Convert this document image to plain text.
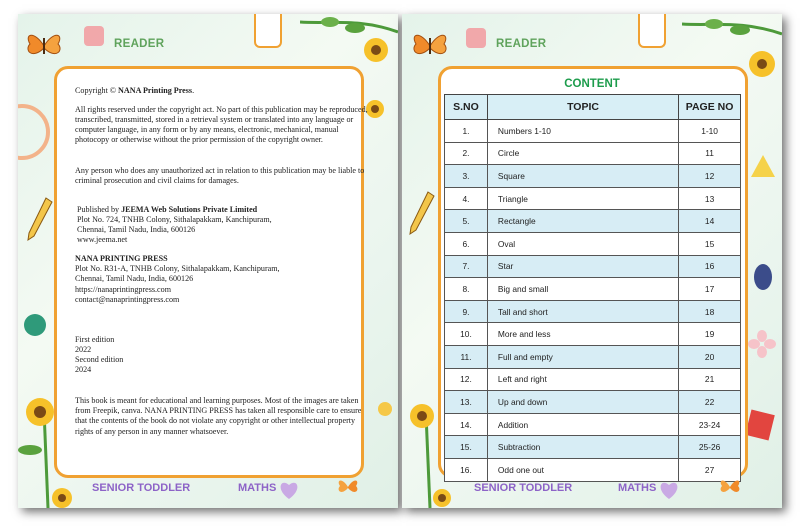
READER

Copyright © NANA Printing Press.

All rights reserved under the copyright act. No part of this publication may be reproduced, transcribed, transmitted, stored in a retrieval system or translated into any language or computer language, in any form or by any means, electronic, mechanical, manual photocopy or otherwise without the prior permission of the copyright owner.

Any person who does any unauthorized act in relation to this publication may be liable to criminal prosecution and civil claims for damages.

Published by JEEMA Web Solutions Private Limited

Plot No. 724, TNHB Colony, Sithalapakkam, Kanchipuram,

Chennai, Tamil Nadu, India, 600126

www.jeema.net

NANA PRINTING PRESS

Plot No. R31-A, TNHB Colony, Sithalapakkam, Kanchipuram,

Chennai, Tamil Nadu, India, 600126

https://nanaprintingpress.com

contact@nanaprintingpress.com

First edition

2022

Second edition

2024

This book is meant for educational and learning purposes. Most of the images are taken from Freepik, canva. NANA PRINTING PRESS has taken all responsible care to ensure that the contents of the book do not violate any copyright or other intellectual property rights of any person in any manner whatsoever.

SENIOR TODDLER	MATHS
READER
CONTENT
S.NO	TOPIC	PAGE NO
1.	Numbers 1-10	1-10
2.	Circle	11
3.	Square	12
4.	Triangle	13
5.	Rectangle	14
6.	Oval	15
7.	Star	16
8.	Big and small	17
9.	Tall and short	18
10.	More and less	19
11.	Full and empty	20
12.	Left and right	21
13.	Up and down	22
14.	Addition	23-24
15.	Subtraction	25-26
16.	Odd one out	27
SENIOR TODDLER	MATHS
